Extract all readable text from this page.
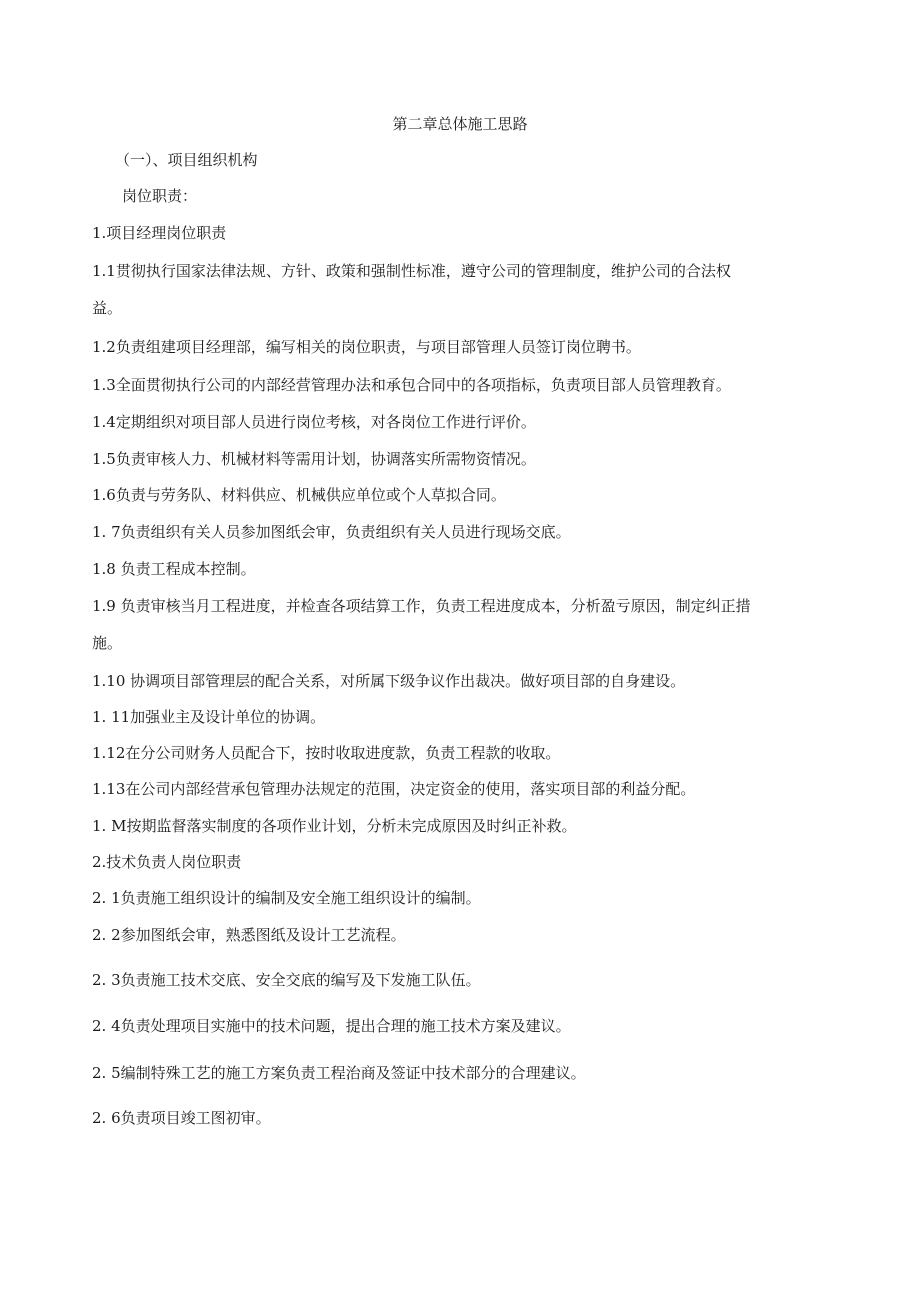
第二章总体施工思路
（一）、项目组织机构
岗位职责：
1.项目经理岗位职责
1.1贯彻执行国家法律法规、方针、政策和强制性标准，遵守公司的管理制度，维护公司的合法权
益。
1.2负责组建项目经理部，编写相关的岗位职责，与项目部管理人员签订岗位聘书。
1.3全面贯彻执行公司的内部经营管理办法和承包合同中的各项指标，负责项目部人员管理教育。
1.4定期组织对项目部人员进行岗位考核，对各岗位工作进行评价。
1.5负责审核人力、机械材料等需用计划，协调落实所需物资情况。
1.6负责与劳务队、材料供应、机械供应单位或个人草拟合同。
1. 7负责组织有关人员参加图纸会审，负责组织有关人员进行现场交底。
1.8 负责工程成本控制。
1.9 负责审核当月工程进度，并检查各项结算工作，负责工程进度成本，分析盈亏原因，制定纠正措
施。
1.10 协调项目部管理层的配合关系，对所属下级争议作出裁决。做好项目部的自身建设。
1. 11加强业主及设计单位的协调。
1.12在分公司财务人员配合下，按时收取进度款，负责工程款的收取。
1.13在公司内部经营承包管理办法规定的范围，决定资金的使用，落实项目部的利益分配。
1. M按期监督落实制度的各项作业计划，分析未完成原因及时纠正补救。
2.技术负责人岗位职责
2. 1负责施工组织设计的编制及安全施工组织设计的编制。
2. 2参加图纸会审，熟悉图纸及设计工艺流程。
2. 3负责施工技术交底、安全交底的编写及下发施工队伍。
2. 4负责处理项目实施中的技术问题，提出合理的施工技术方案及建议。
2. 5编制特殊工艺的施工方案负责工程治商及签证中技术部分的合理建议。
2. 6负责项目竣工图初审。
